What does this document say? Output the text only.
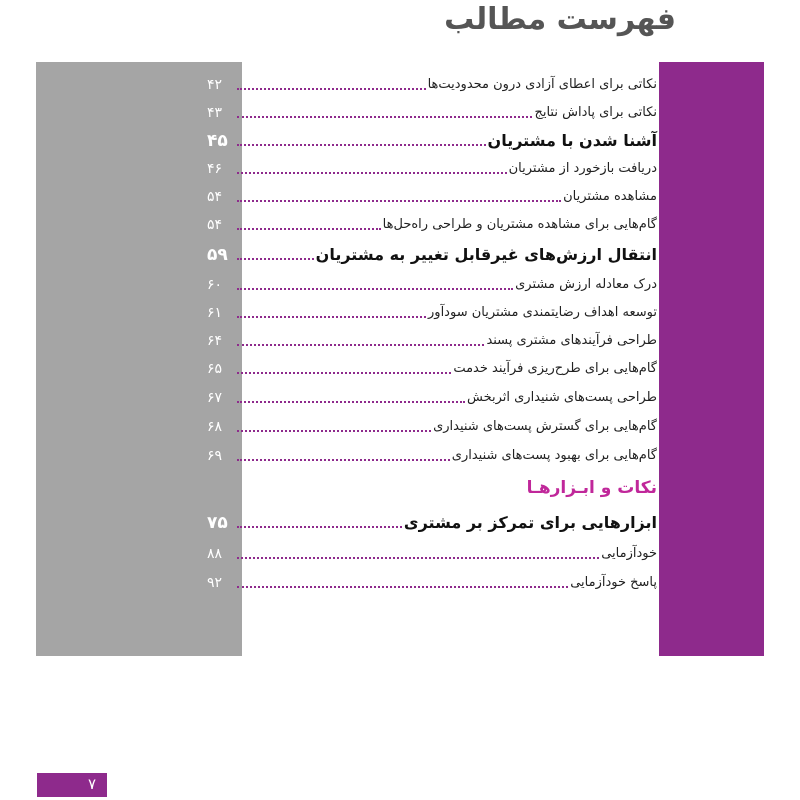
فهرست مطالب
نکاتی برای اعطای آزادی درون محدودیت‌ها
۴۲
نکاتی برای پاداش نتایج
۴۳
آشنا شدن با مشتریان
۴۵
دریافت بازخورد از مشتریان
۴۶
مشاهده مشتریان
۵۴
گام‌هایی برای مشاهده مشتریان و طراحی راه‌حل‌ها
۵۴
انتقال ارزش‌های غیرقابل تغییر به مشتریان
۵۹
درک معادله ارزش مشتری
۶۰
توسعه اهداف رضایتمندی مشتریان سودآور
۶۱
طراحی فرآیندهای مشتری پسند
۶۴
گام‌هایی برای طرح‌ریزی فرآیند خدمت
۶۵
طراحی پست‌های شنیداری اثربخش
۶۷
گام‌هایی برای گسترش پست‌های شنیداری
۶۸
گام‌هایی برای بهبود پست‌های شنیداری
۶۹
نکات و ابـزارهـا
ابزارهایی برای تمرکز بر مشتری
۷۵
خودآزمایی
۸۸
پاسخ خودآزمایی
۹۲
۷
